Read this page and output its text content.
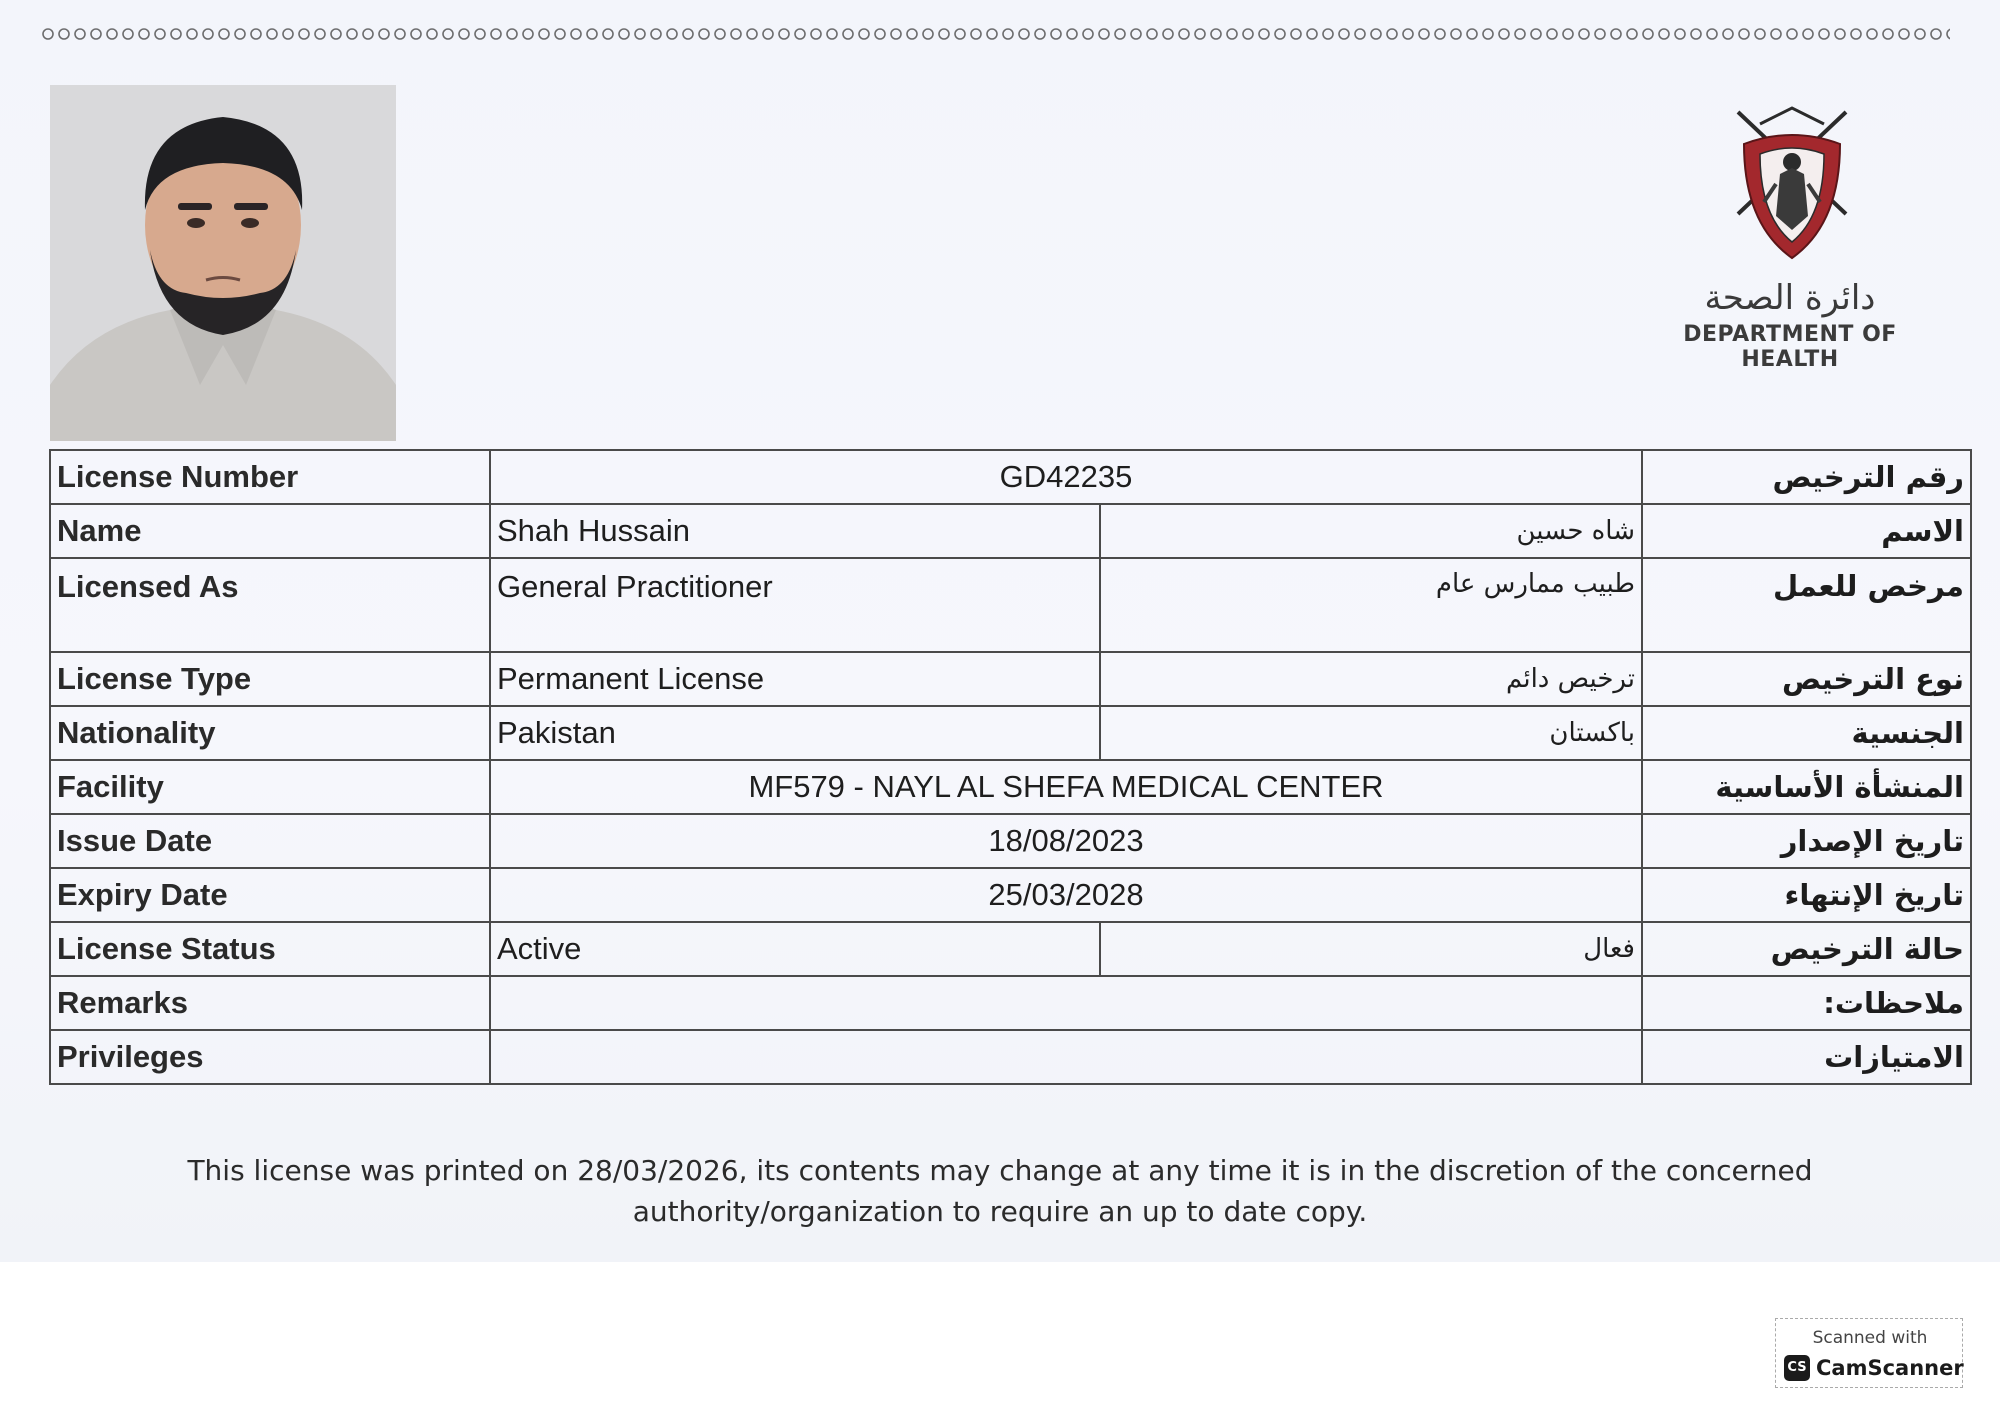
دائرة الصحة
DEPARTMENT OF HEALTH
License Number	GD42235		رقم الترخيص
Name	Shah Hussain	شاه حسين	الاسم
Licensed As	General Practitioner	طبيب ممارس عام	مرخص للعمل
License Type	Permanent License	ترخيص دائم	نوع الترخيص
Nationality	Pakistan	باكستان	الجنسية
Facility	MF579 - NAYL AL SHEFA MEDICAL CENTER		المنشأة الأساسية
Issue Date	18/08/2023		تاريخ الإصدار
Expiry Date	25/03/2028		تاريخ الإنتهاء
License Status	Active	فعال	حالة الترخيص
Remarks			ملاحظات:
Privileges			الامتيازات
This license was printed on 28/03/2026, its contents may change at any time it is in the discretion of the concerned
authority/organization to require an up to date copy.
Scanned with
CS CamScanner
